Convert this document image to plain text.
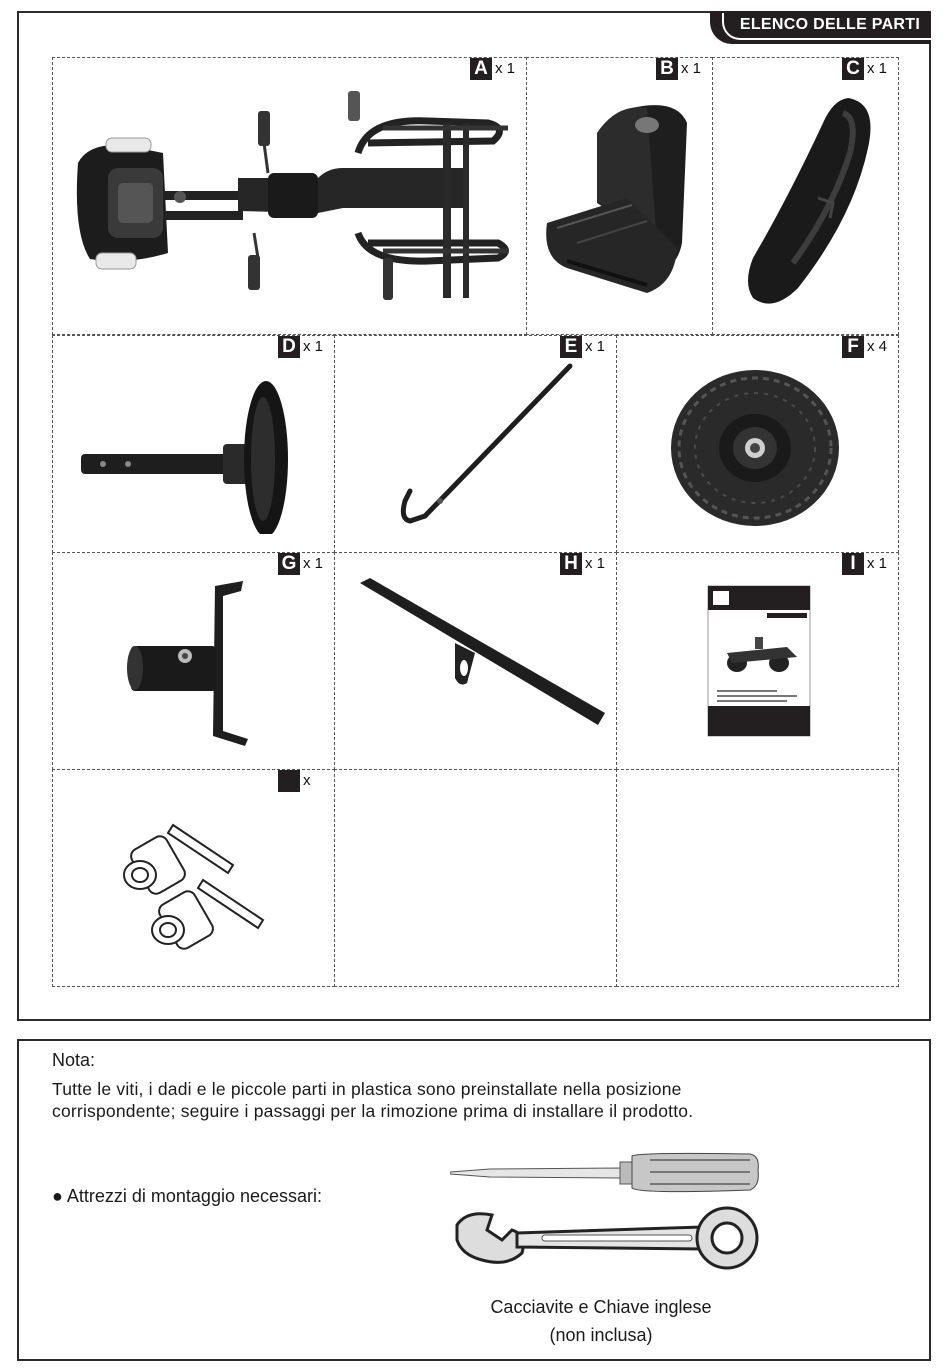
ELENCO DELLE PARTI
A x 1	B x 1	C x 1
D x 1	E x 1	F x 4
G x 1	H x 1	I x 1
x
Nota:
Tutte le viti, i dadi e le piccole parti in plastica sono preinstallate nella posizione
corrispondente; seguire i passaggi per la rimozione prima di installare il prodotto.
● Attrezzi di montaggio necessari:
Cacciavite e Chiave inglese
(non inclusa)
